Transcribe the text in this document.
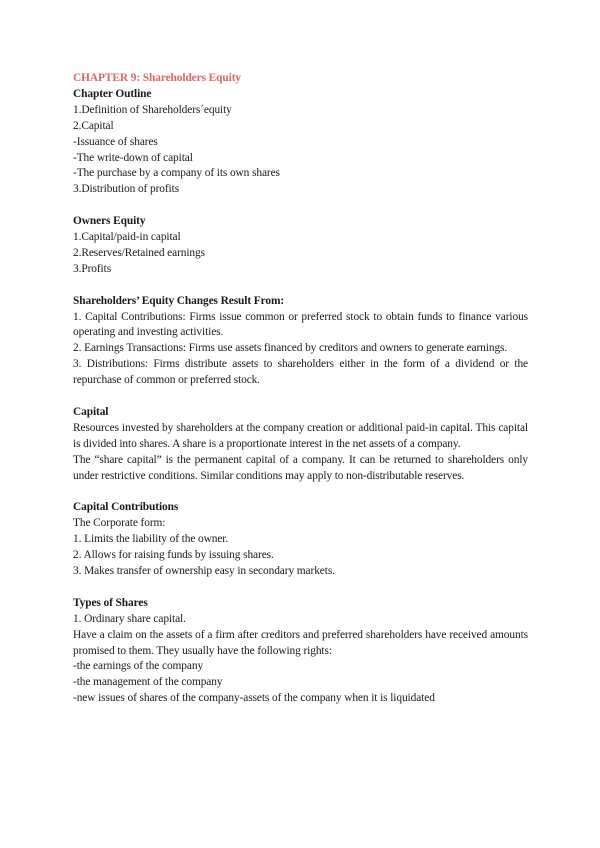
CHAPTER 9: Shareholders Equity

Chapter Outline

1.Definition of Shareholders´equity

2.Capital

-Issuance of shares

-The write-down of capital

-The purchase by a company of its own shares

3.Distribution of profits

Owners Equity

1.Capital/paid-in capital

2.Reserves/Retained earnings

3.Profits

Shareholders’ Equity Changes Result From:

1. Capital Contributions: Firms issue common or preferred stock to obtain funds to finance various operating and investing activities.

2. Earnings Transactions: Firms use assets financed by creditors and owners to generate earnings.

3. Distributions: Firms distribute assets to shareholders either in the form of a dividend or the repurchase of common or preferred stock.

Capital

Resources invested by shareholders at the company creation or additional paid-in capital. This capital is divided into shares. A share is a proportionate interest in the net assets of a company.

The “share capital” is the permanent capital of a company. It can be returned to shareholders only under restrictive conditions. Similar conditions may apply to non-distributable reserves.

Capital Contributions

The Corporate form:

1. Limits the liability of the owner.

2. Allows for raising funds by issuing shares.

3. Makes transfer of ownership easy in secondary markets.

Types of Shares

1. Ordinary share capital.

Have a claim on the assets of a firm after creditors and preferred shareholders have received amounts promised to them. They usually have the following rights:

-the earnings of the company

-the management of the company

-new issues of shares of the company-assets of the company when it is liquidated
